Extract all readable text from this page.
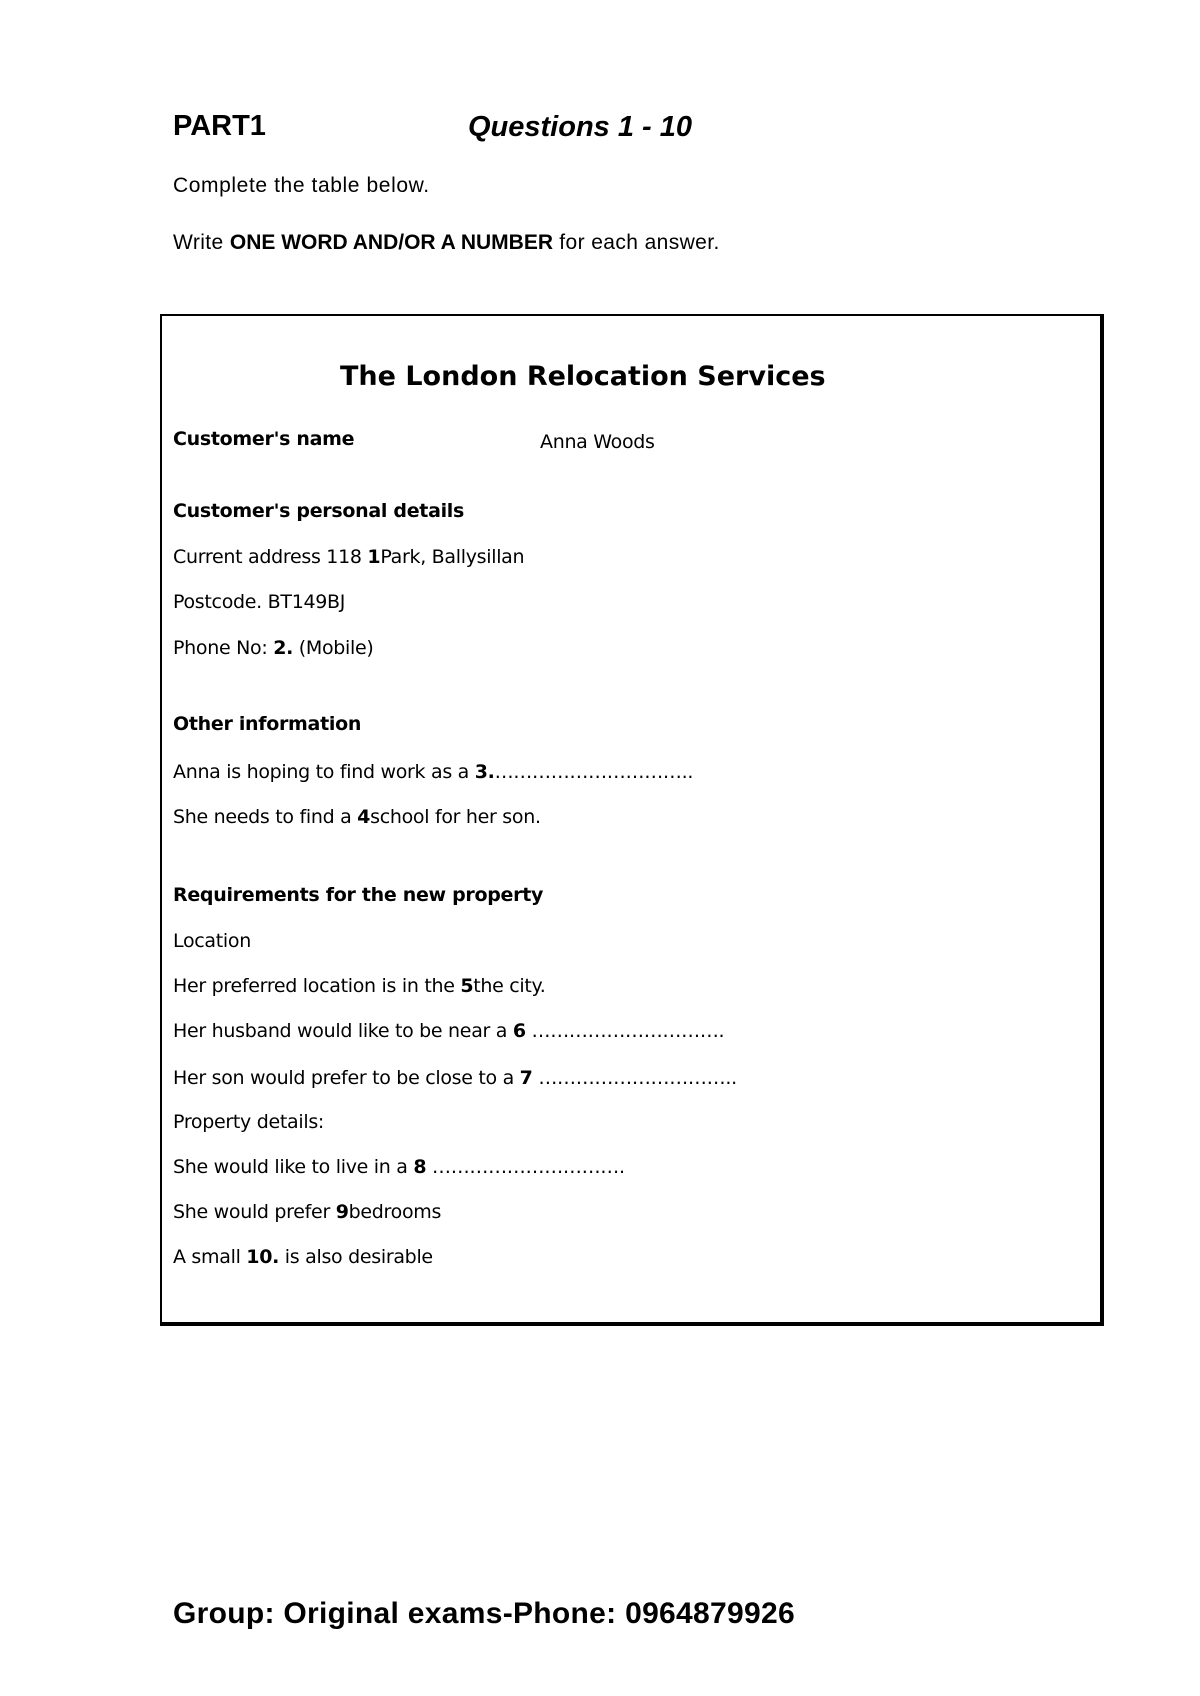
PART1	Questions 1 - 10
Complete the table below.
Write ONE WORD AND/OR A NUMBER for each answer.
The London Relocation Services
Customer's name	Anna Woods
Customer's personal details
Current address 118 1Park, Ballysillan
Postcode. BT149BJ
Phone No: 2. (Mobile)
Other information
Anna is hoping to find work as a 3.…………………………..
She needs to find a 4school for her son.
Requirements for the new property
Location
Her preferred location is in the 5the city.
Her husband would like to be near a 6 ………………………….
Her son would prefer to be close to a 7 …………………………..
Property details:
She would like to live in a 8 ………………………….
She would prefer 9bedrooms
A small 10. is also desirable
Group: Original exams-Phone: 0964879926
